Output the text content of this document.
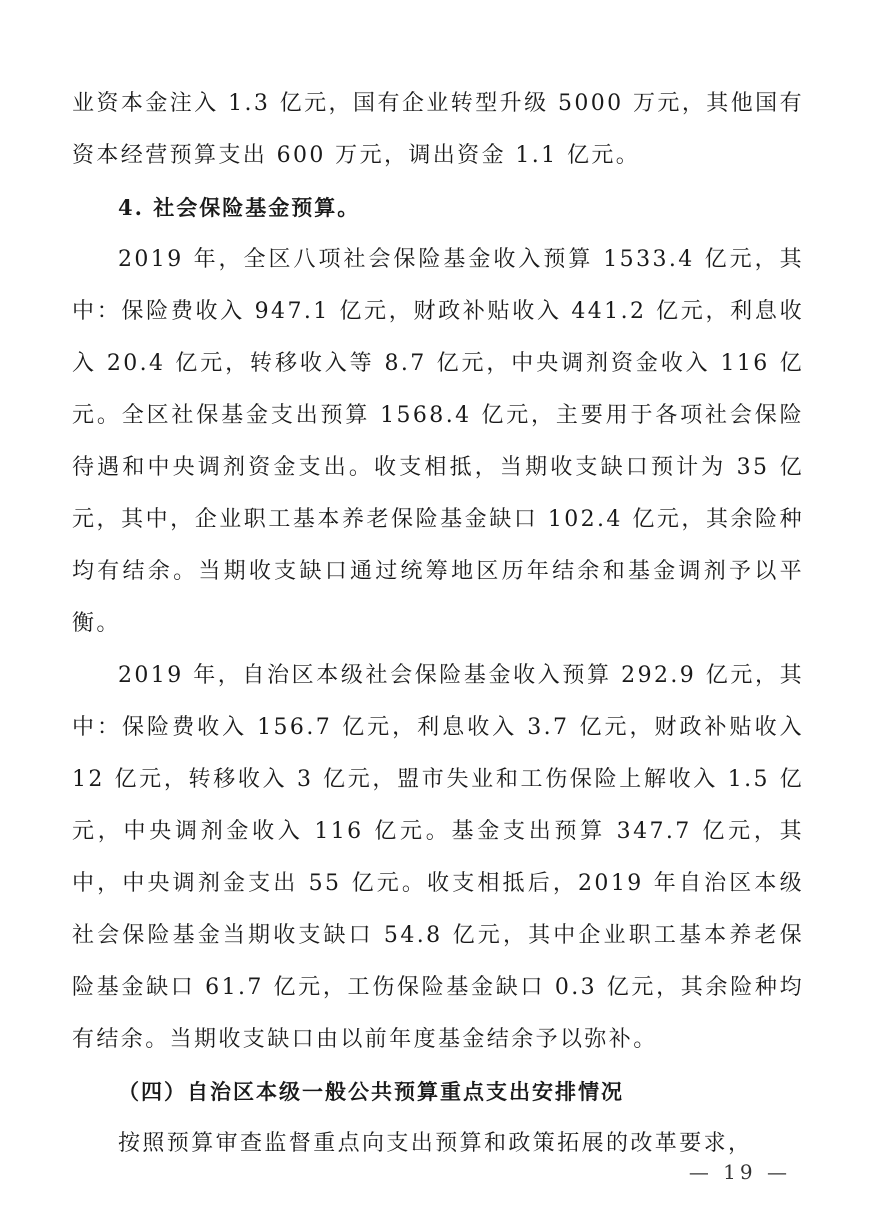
业资本金注入 1.3 亿元，国有企业转型升级 5000 万元，其他国有资本经营预算支出 600 万元，调出资金 1.1 亿元。

4. 社会保险基金预算。

2019 年，全区八项社会保险基金收入预算 1533.4 亿元，其中：保险费收入 947.1 亿元，财政补贴收入 441.2 亿元，利息收入 20.4 亿元，转移收入等 8.7 亿元，中央调剂资金收入 116 亿元。全区社保基金支出预算 1568.4 亿元，主要用于各项社会保险待遇和中央调剂资金支出。收支相抵，当期收支缺口预计为 35 亿元，其中，企业职工基本养老保险基金缺口 102.4 亿元，其余险种均有结余。当期收支缺口通过统筹地区历年结余和基金调剂予以平衡。

2019 年，自治区本级社会保险基金收入预算 292.9 亿元，其中：保险费收入 156.7 亿元，利息收入 3.7 亿元，财政补贴收入 12 亿元，转移收入 3 亿元，盟市失业和工伤保险上解收入 1.5 亿元，中央调剂金收入 116 亿元。基金支出预算 347.7 亿元，其中，中央调剂金支出 55 亿元。收支相抵后，2019 年自治区本级社会保险基金当期收支缺口 54.8 亿元，其中企业职工基本养老保险基金缺口 61.7 亿元，工伤保险基金缺口 0.3 亿元，其余险种均有结余。当期收支缺口由以前年度基金结余予以弥补。

（四）自治区本级一般公共预算重点支出安排情况

按照预算审查监督重点向支出预算和政策拓展的改革要求，

— 19 —
